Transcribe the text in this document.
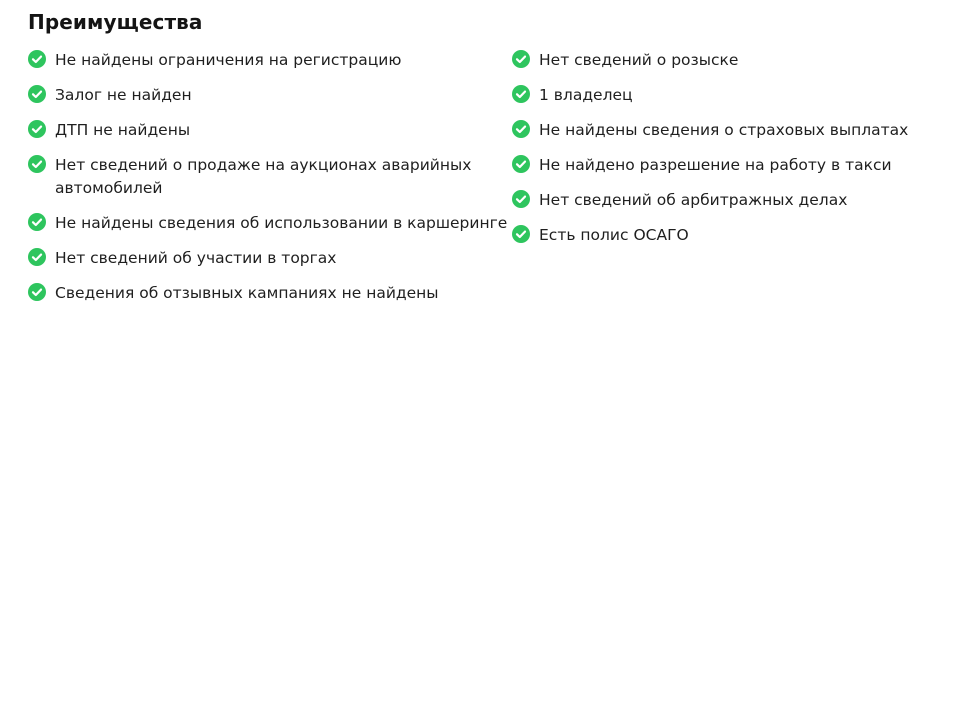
Преимущества
Не найдены ограничения на регистрацию
Залог не найден
ДТП не найдены
Нет сведений о продаже на аукционах аварийных автомобилей
Не найдены сведения об использовании в каршеринге
Нет сведений об участии в торгах
Сведения об отзывных кампаниях не найдены
Нет сведений о розыске
1 владелец
Не найдены сведения о страховых выплатах
Не найдено разрешение на работу в такси
Нет сведений об арбитражных делах
Есть полис ОСАГО
